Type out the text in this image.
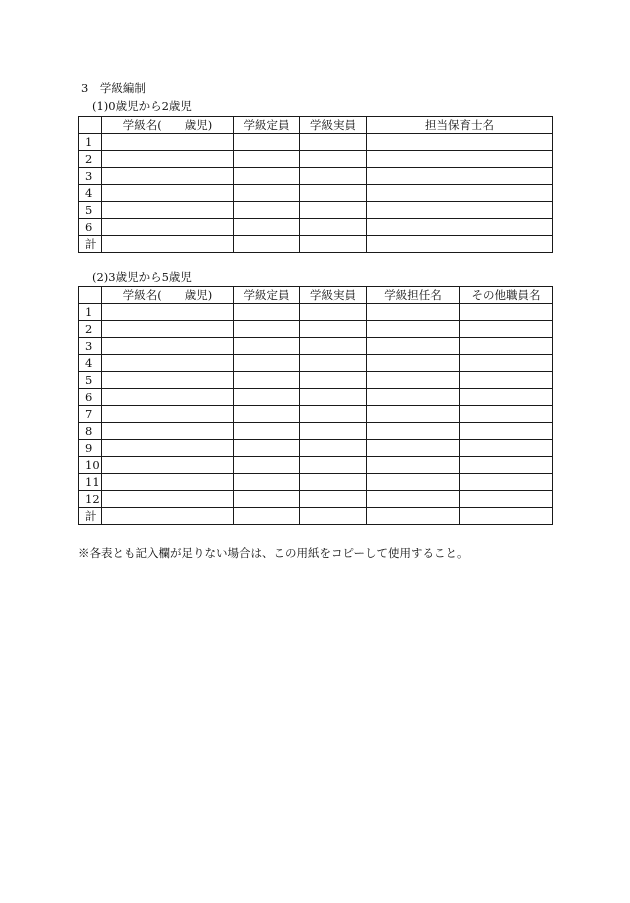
3　学級編制
(1)0歳児から2歳児
	学級名(　　歳児)	学級定員	学級実員	担当保育士名
1				
2				
3				
4				
5				
6				
計				
(2)3歳児から5歳児
	学級名(　　歳児)	学級定員	学級実員	学級担任名	その他職員名
1					
2					
3					
4					
5					
6					
7					
8					
9					
10					
11					
12					
計					
※各表とも記入欄が足りない場合は、この用紙をコピーして使用すること。
